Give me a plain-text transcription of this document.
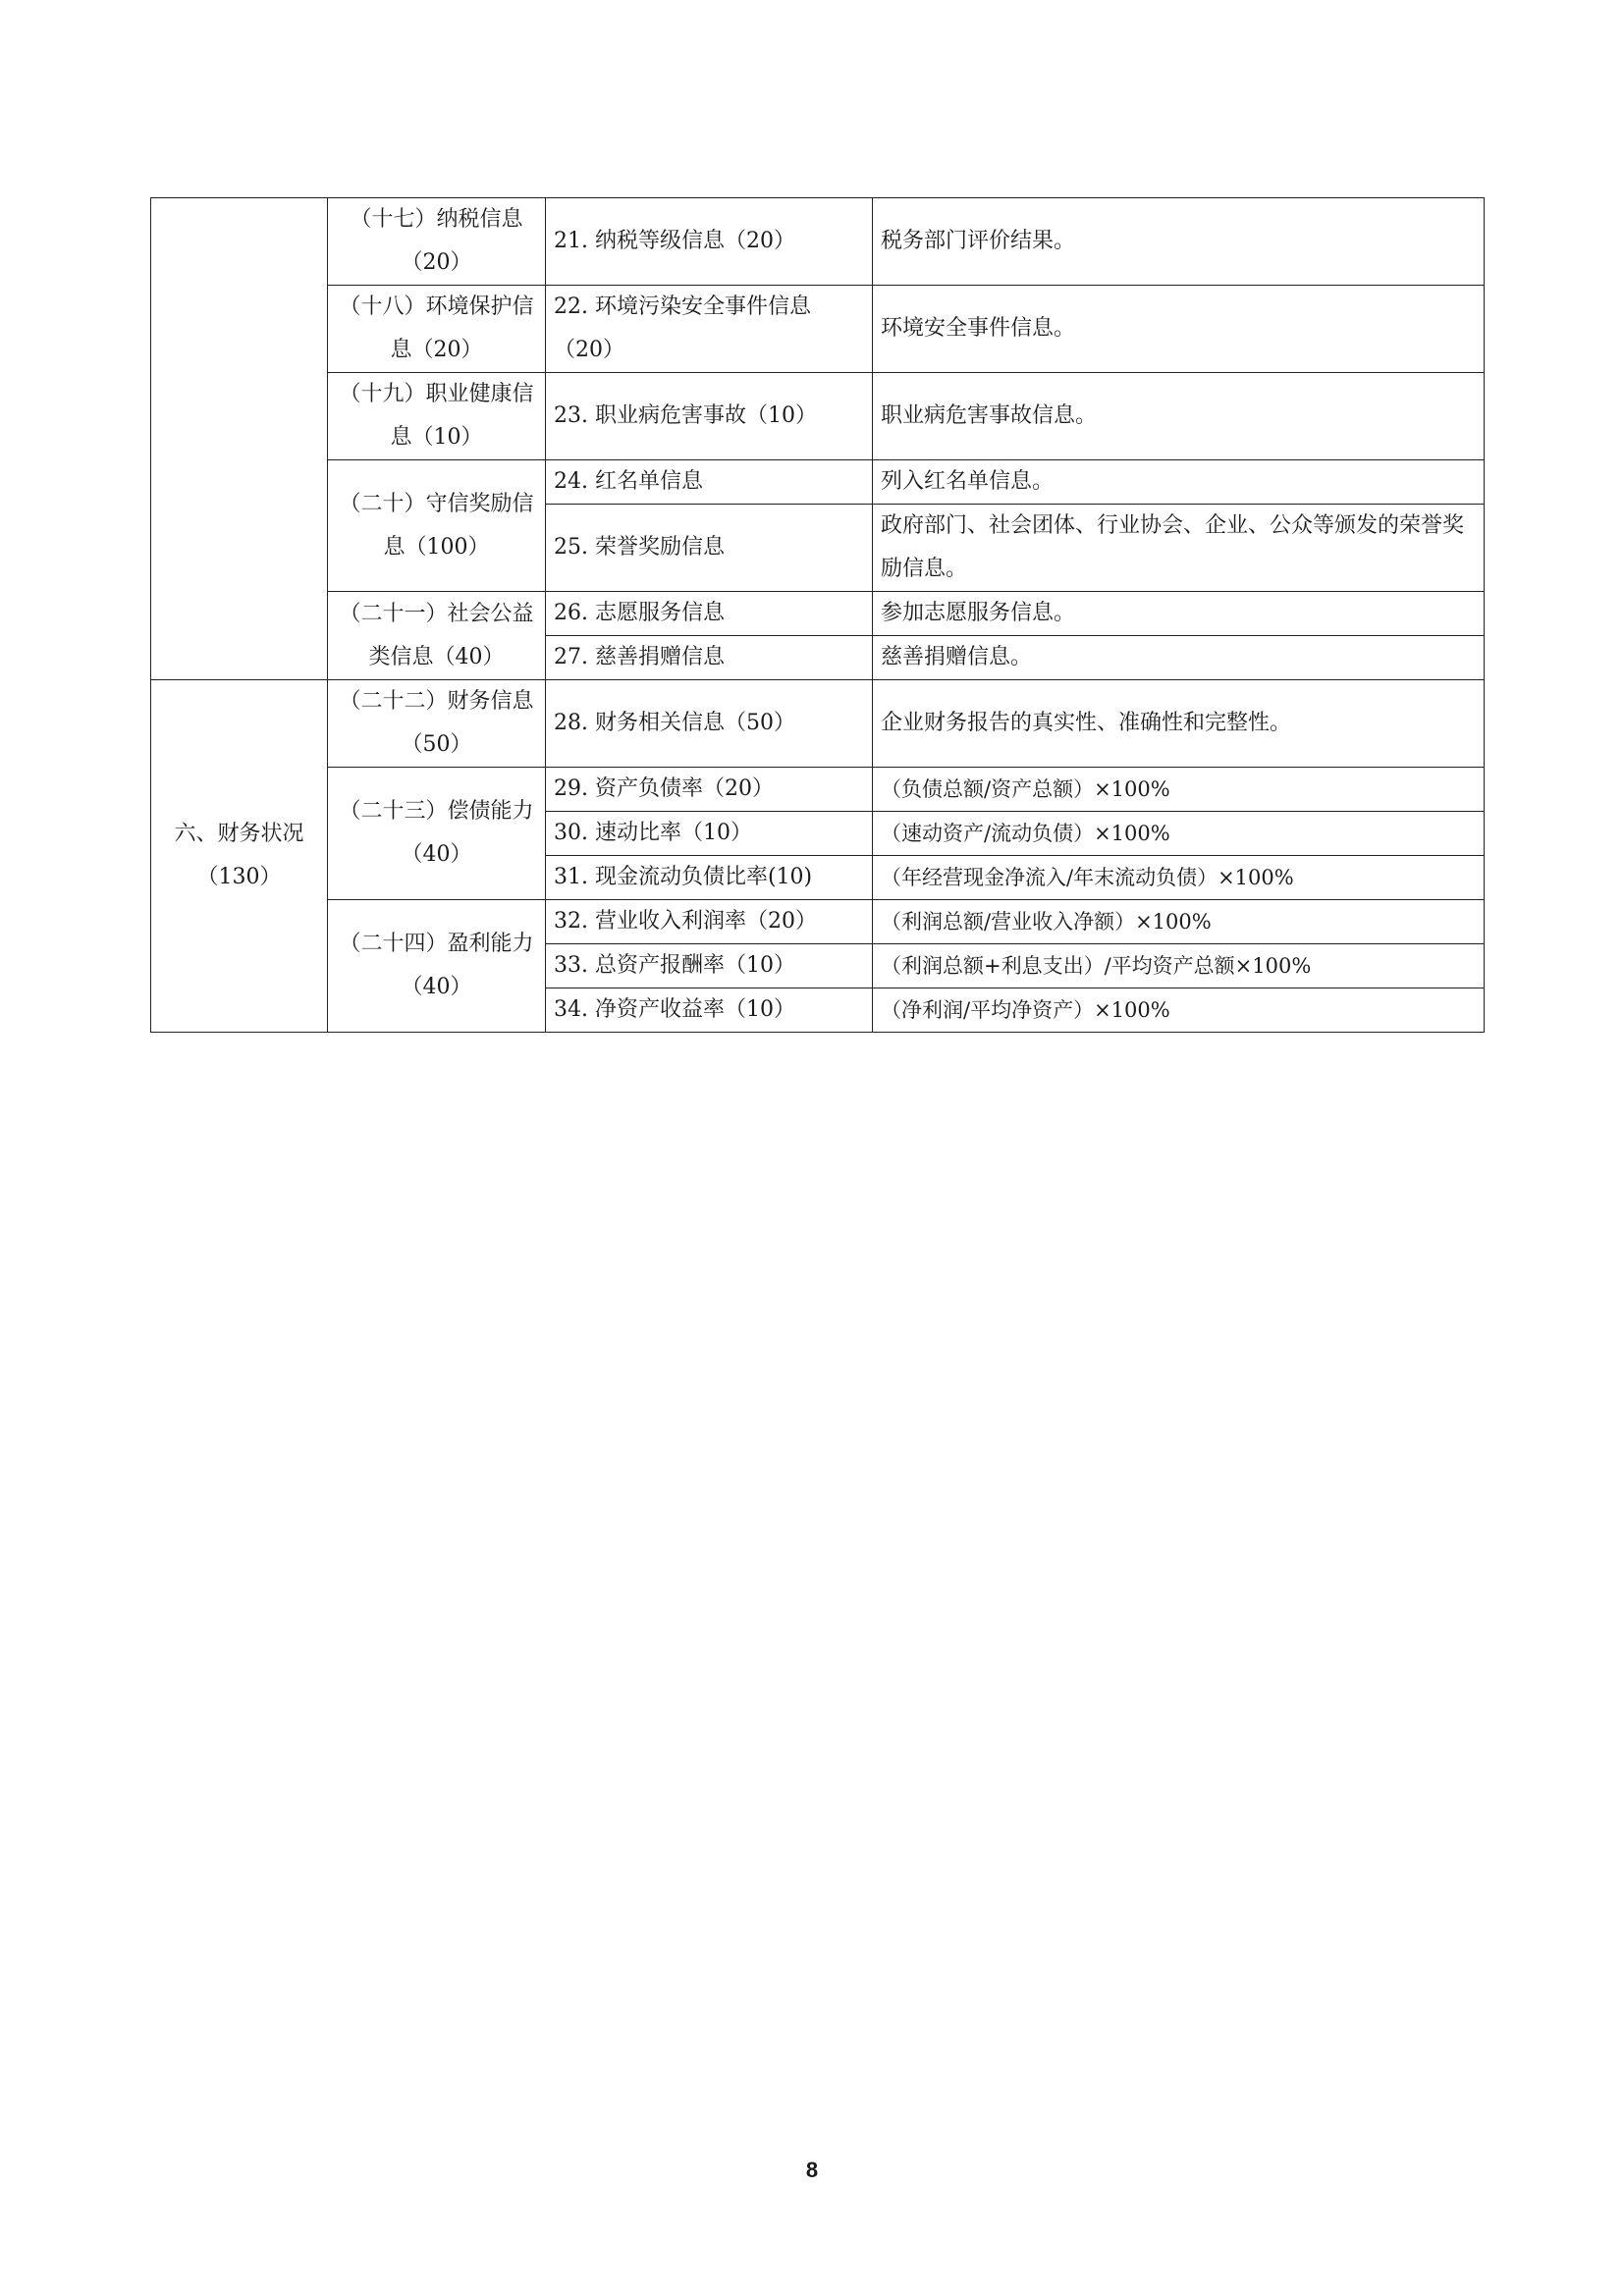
	（十七）纳税信息（20）	21. 纳税等级信息（20）	税务部门评价结果。
	（十八）环境保护信息（20）	22. 环境污染安全事件信息（20）	环境安全事件信息。
	（十九）职业健康信息（10）	23. 职业病危害事故（10）	职业病危害事故信息。
	（二十）守信奖励信息（100）	24. 红名单信息	列入红名单信息。
		25. 荣誉奖励信息	政府部门、社会团体、行业协会、企业、公众等颁发的荣誉奖励信息。
	（二十一）社会公益类信息（40）	26. 志愿服务信息	参加志愿服务信息。
		27. 慈善捐赠信息	慈善捐赠信息。
六、财务状况（130）	（二十二）财务信息（50）	28. 财务相关信息（50）	企业财务报告的真实性、准确性和完整性。
	（二十三）偿债能力（40）	29. 资产负债率（20）	（负债总额/资产总额）×100%
		30. 速动比率（10）	（速动资产/流动负债）×100%
		31. 现金流动负债比率(10)	（年经营现金净流入/年末流动负债）×100%
	（二十四）盈利能力（40）	32. 营业收入利润率（20）	（利润总额/营业收入净额）×100%
		33. 总资产报酬率（10）	（利润总额+利息支出）/平均资产总额×100%
		34. 净资产收益率（10）	（净利润/平均净资产）×100%
8
